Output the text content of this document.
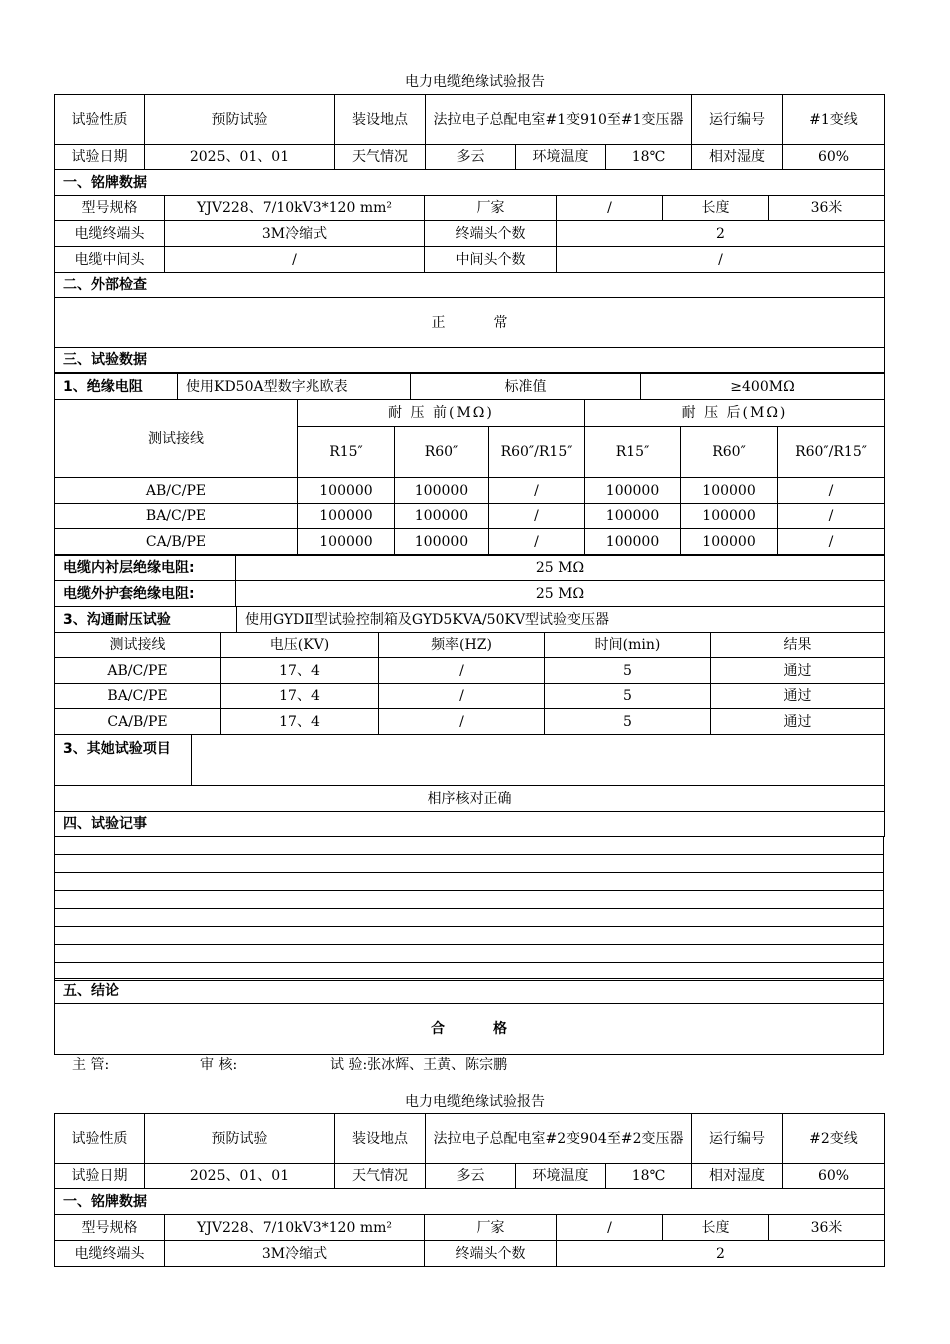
电力电缆绝缘试验报告
试验性质	预防试验	装设地点	法拉电子总配电室#1变910至#1变压器			运行编号	#1变线
试验日期	2025、01、01	天气情况	多云	环境温度	18℃	相对湿度	60%
一、铭牌数据					
型号规格	YJV228、7/10kV3*120 mm²	厂家	/	长度	36米
电缆终端头	3M冷缩式	终端头个数	2		
电缆中间头	/	中间头个数	/		
二、外部检查					
正 常					
三、试验数据					
1、绝缘电阻	使用KD50A型数字兆欧表	标准值	≥400MΩ
测试接线	耐 压 前(MΩ)			耐 压 后(MΩ)		
	R15″	R60″	R60″/R15″	R15″	R60″	R60″/R15″
AB/C/PE	100000	100000	/	100000	100000	/
BA/C/PE	100000	100000	/	100000	100000	/
CA/B/PE	100000	100000	/	100000	100000	/
电缆内衬层绝缘电阻:	25 MΩ
电缆外护套绝缘电阻:	25 MΩ
3、沟通耐压试验	使用GYDⅡ型试验控制箱及GYD5KVA/50KV型试验变压器
测试接线	电压(KV)	频率(HZ)	时间(min)	结果
AB/C/PE	17、4	/	5	通过
BA/C/PE	17、4	/	5	通过
CA/B/PE	17、4	/	5	通过
3、其她试验项目	
相序核对正确
四、试验记事

五、结论
合	格
主 管:	审 核:	试 验:张冰辉、王黄、陈宗鹏
电力电缆绝缘试验报告
试验性质	预防试验	装设地点	法拉电子总配电室#2变904至#2变压器			运行编号	#2变线
试验日期	2025、01、01	天气情况	多云	环境温度	18℃	相对湿度	60%
一、铭牌数据					
型号规格	YJV228、7/10kV3*120 mm²	厂家	/	长度	36米
电缆终端头	3M冷缩式	终端头个数	2		
